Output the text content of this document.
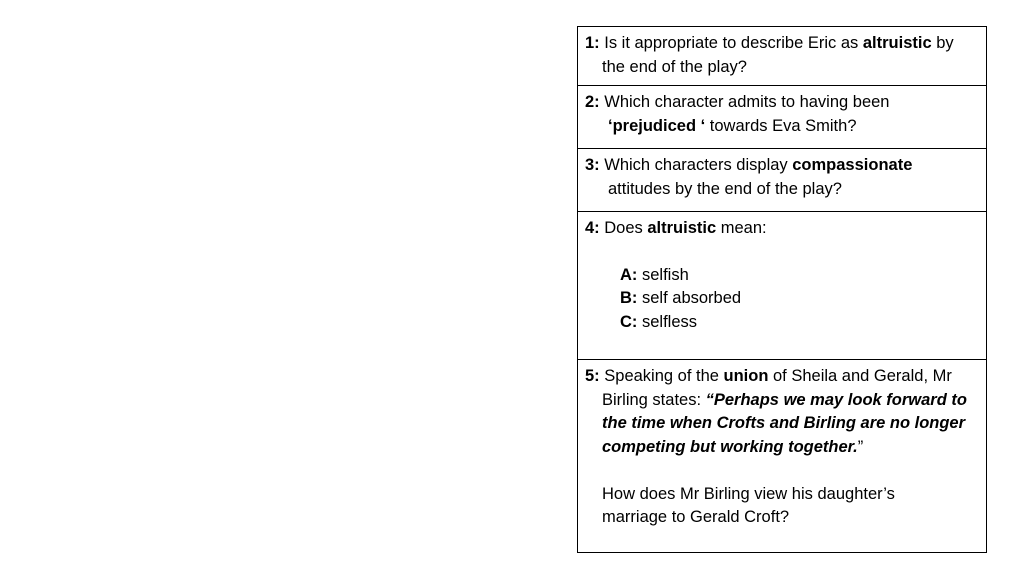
1: Is it appropriate to describe Eric as altruistic by
the end of the play?
2: Which character admits to having been
‘prejudiced ‘ towards Eva Smith?
3: Which characters display compassionate
attitudes by the end of the play?
4: Does altruistic mean:
A: selfish
B: self absorbed
C: selfless
5: Speaking of the union of Sheila and Gerald, Mr
Birling states: “Perhaps we may look forward to
the time when Crofts and Birling are no longer
competing but working together.”
How does Mr Birling view his daughter’s
marriage to Gerald Croft?
